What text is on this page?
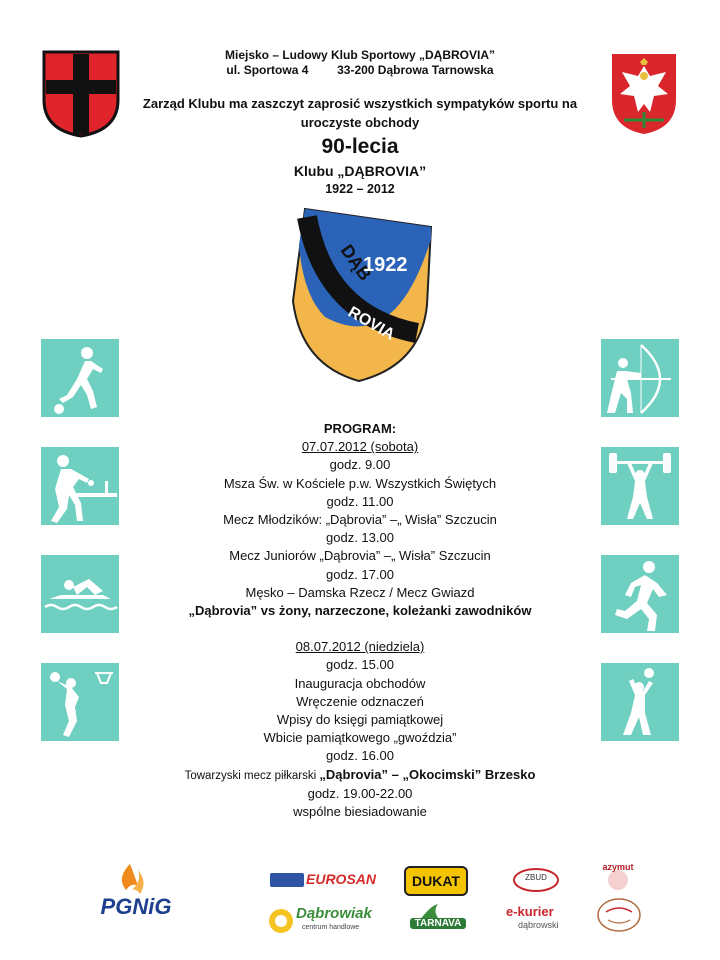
Miejsko – Ludowy Klub Sportowy „DĄBROVIA”
ul. Sportowa 4 33-200 Dąbrowa Tarnowska
Zarząd Klubu ma zaszczyt zaprosić wszystkich sympatyków sportu na uroczyste obchody
90-lecia
Klubu „DĄBROVIA”
1922 – 2012
DĄB
ROVIA
1922
PROGRAM:
07.07.2012 (sobota)
godz. 9.00
Msza Św. w Kościele p.w. Wszystkich Świętych
godz. 11.00
Mecz Młodzików: „Dąbrovia” –„ Wisła” Szczucin
godz. 13.00
Mecz Juniorów „Dąbrovia” –„ Wisła” Szczucin
godz. 17.00
Męsko – Damska Rzecz / Mecz Gwiazd
„Dąbrovia” vs żony, narzeczone, koleżanki zawodników
08.07.2012 (niedziela)
godz. 15.00
Inauguracja obchodów
Wręczenie odznaczeń
Wpisy do księgi pamiątkowej
Wbicie pamiątkowego „gwoździa”
godz. 16.00
Towarzyski mecz piłkarski „Dąbrovia” – „Okocimski” Brzesko
godz. 19.00-22.00
wspólne biesiadowanie
PGNiG
EUROSAN	DUKAT	ZBUD
azymut
Dąbrowiak
centrum handlowe	TARNAVA
e-kurier
dąbrowski
